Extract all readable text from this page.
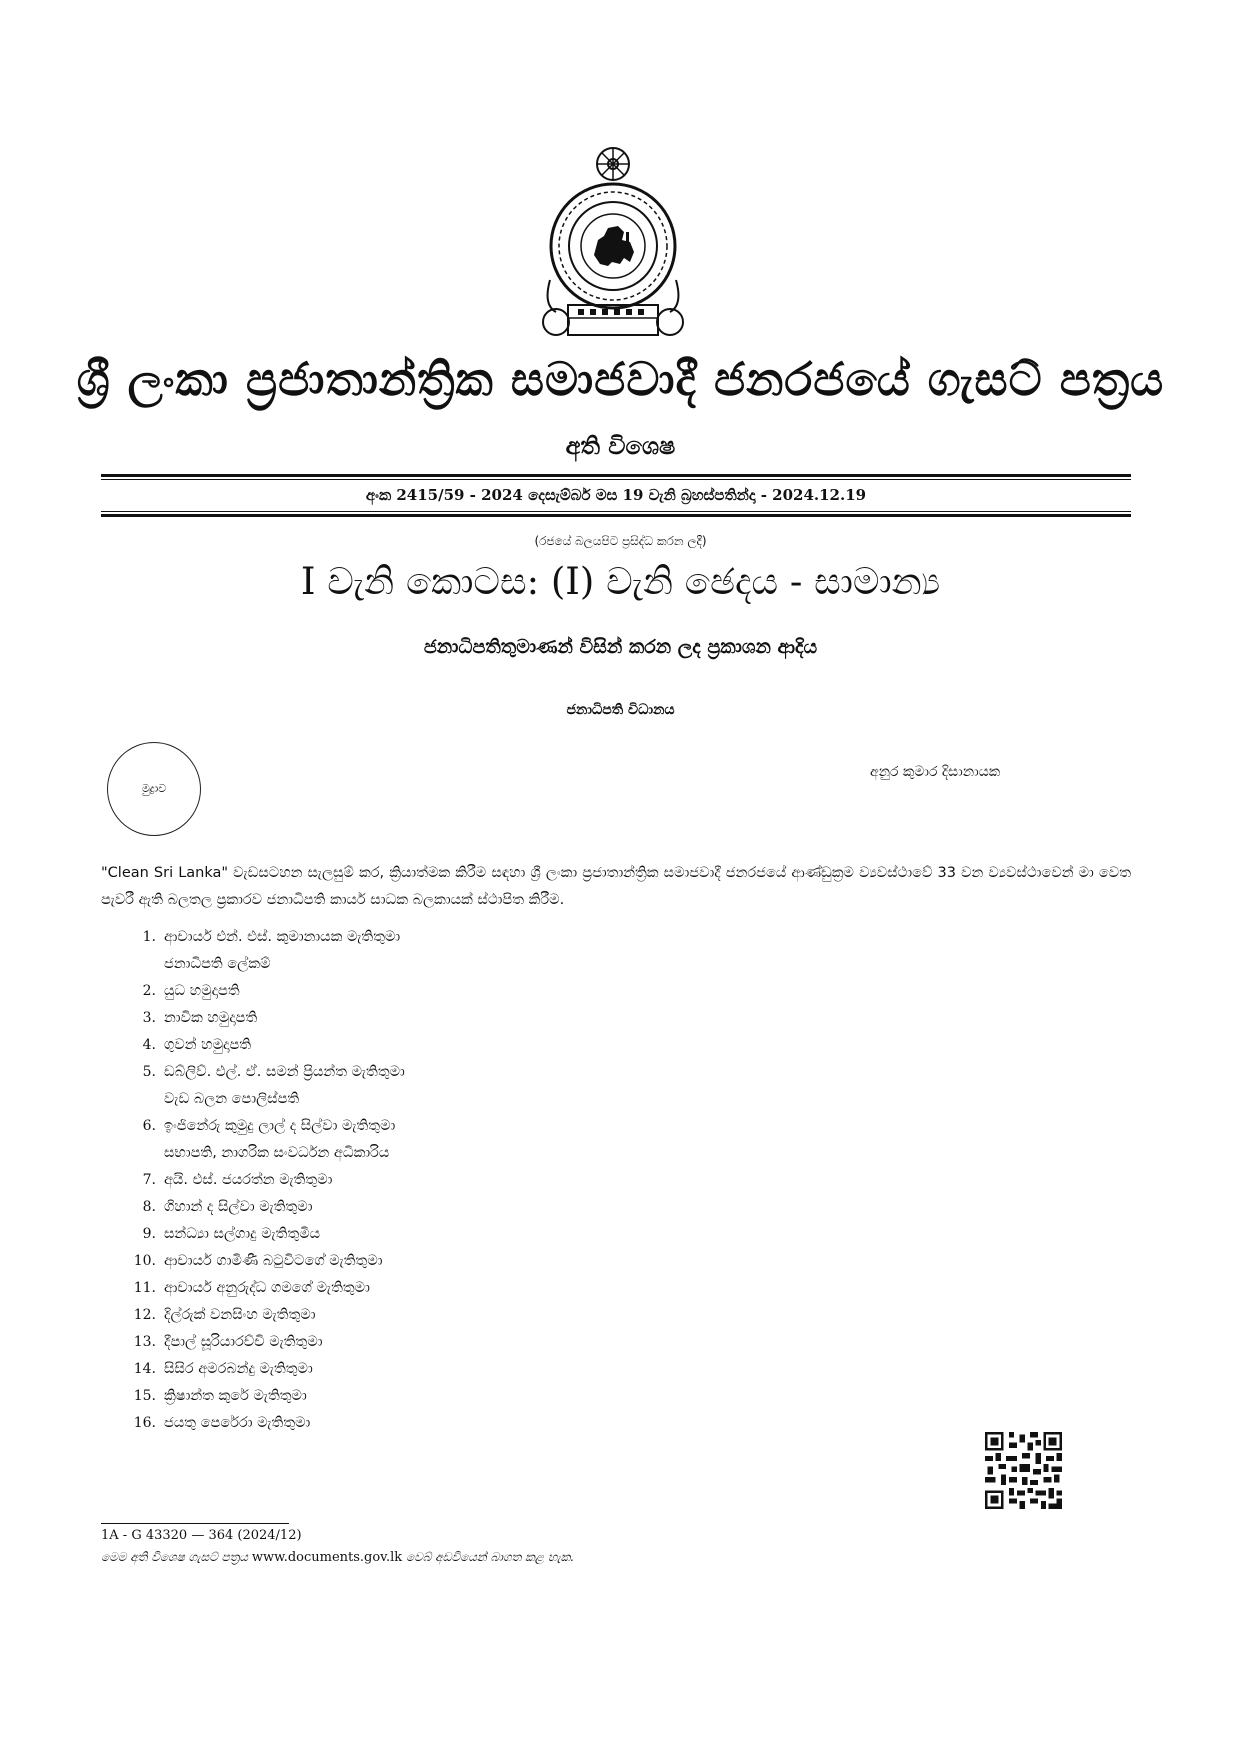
ශ්‍රී ලංකා ප්‍රජාතාන්ත්‍රික සමාජවාදී ජනරජයේ ගැසට් පත්‍රය
අති විශෙෂ
අංක 2415/59 - 2024 දෙසැම්බර් මස 19 වැනි බ්‍රහස්පතින්දා - 2024.12.19
(රජයේ බලයපිට ප්‍රසිද්ධ කරන ලදී)
I වැනි කොටස: (I) වැනි ඡෙදය - සාමාන්‍ය
ජනාධිපතිතුමාණන් විසින් කරන ලද ප්‍රකාශන ආදිය
ජනාධිපති විධානය
මුද්‍රාව
අනුර කුමාර දිසානායක
"Clean Sri Lanka" වැඩසටහන සැලසුම් කර, ක්‍රියාත්මක කිරීම සඳහා ශ්‍රී ලංකා ප්‍රජාතාන්ත්‍රික සමාජවාදී ජනරජයේ ආණ්ඩුක්‍රම ව්‍යවස්ථාවේ 33 වන ව්‍යවස්ථාවෙන් මා වෙත පැවරී ඇති බලතල ප්‍රකාරව ජනාධිපති කාර්ය සාධක බලකායක් ස්ථාපිත කිරීම.
1. ආචාර්ය එන්. එස්. කුමානායක මැතිතුමා
ජනාධිපති ලේකම්
2. යුධ හමුදාපති
3. නාවික හමුදාපති
4. ගුවන් හමුදාපති
5. ඩබ්ලිව්. එල්. ඒ. සමන් ප්‍රියන්ත මැතිතුමා
වැඩ බලන පොලිස්පති
6. ඉංජිනේරු කුමුදු ලාල් ද සිල්වා මැතිතුමා
සභාපති, නාගරික සංවර්ධන අධිකාරිය
7. අයි. එස්. ජයරත්න මැතිතුමා
8. ගිහාන් ද සිල්වා මැතිතුමා
9. සන්ධ්‍යා සල්ගාදු මැතිතුමිය
10. ආචාර්ය ගාමිණී බටුවිටගේ මැතිතුමා
11. ආචාර්ය අනුරුද්ධ ගමගේ මැතිතුමා
12. දිල්රුක් වනසිංහ මැතිතුමා
13. දීපාල් සූරියාරච්චි මැතිතුමා
14. සිසිර අමරබන්දු මැතිතුමා
15. ක්‍රිෂාන්ත කුරේ මැතිතුමා
16. ජයතු පෙරේරා මැතිතුමා
1A - G 43320 — 364 (2024/12)
මෙම අති විශෙෂ ගැසට් පත්‍රය www.documents.gov.lk වෙබ් අඩවියෙන් බාගත කළ හැක.
